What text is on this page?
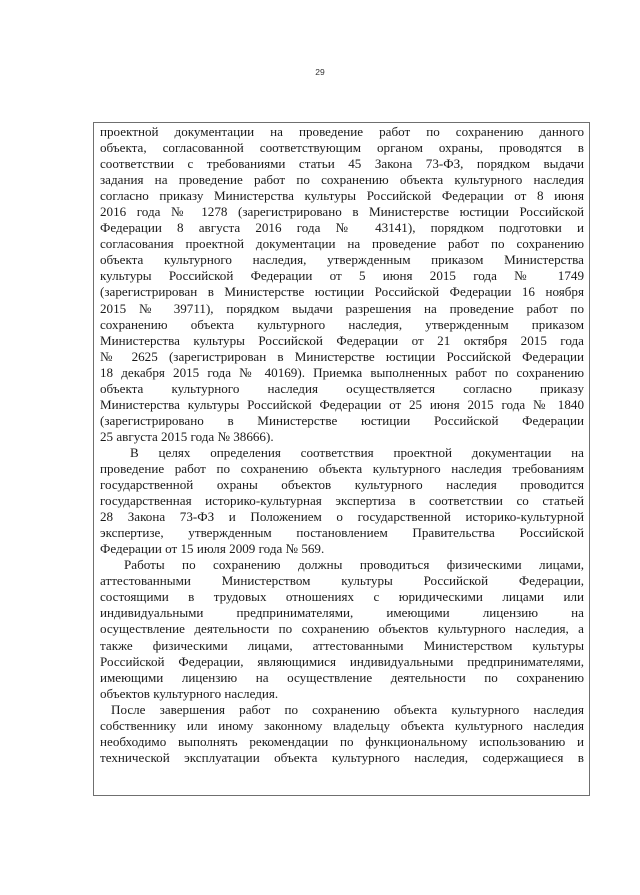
29
проектной документации на проведение работ по сохранению данного
объекта, согласованной соответствующим органом охраны, проводятся в
соответствии с требованиями статьи 45 Закона 73-ФЗ, порядком выдачи
задания на проведение работ по сохранению объекта культурного наследия
согласно приказу Министерства культуры Российской Федерации от 8 июня
2016 года № 1278 (зарегистрировано в Министерстве юстиции Российской
Федерации 8 августа 2016 года № 43141), порядком подготовки и
согласования проектной документации на проведение работ по сохранению
объекта культурного наследия, утвержденным приказом Министерства
культуры Российской Федерации от 5 июня 2015 года № 1749
(зарегистрирован в Министерстве юстиции Российской Федерации 16 ноября
2015 № 39711), порядком выдачи разрешения на проведение работ по
сохранению объекта культурного наследия, утвержденным приказом
Министерства культуры Российской Федерации от 21 октября 2015 года
№ 2625 (зарегистрирован в Министерстве юстиции Российской Федерации
18 декабря 2015 года № 40169). Приемка выполненных работ по сохранению
объекта культурного наследия осуществляется согласно приказу
Министерства культуры Российской Федерации от 25 июня 2015 года № 1840
(зарегистрировано в Министерстве юстиции Российской Федерации
25 августа 2015 года № 38666).
В целях определения соответствия проектной документации на
проведение работ по сохранению объекта культурного наследия требованиям
государственной охраны объектов культурного наследия проводится
государственная историко-культурная экспертиза в соответствии со статьей
28 Закона 73-ФЗ и Положением о государственной историко-культурной
экспертизе, утвержденным постановлением Правительства Российской
Федерации от 15 июля 2009 года № 569.
Работы по сохранению должны проводиться физическими лицами,
аттестованными Министерством культуры Российской Федерации,
состоящими в трудовых отношениях с юридическими лицами или
индивидуальными предпринимателями, имеющими лицензию на
осуществление деятельности по сохранению объектов культурного наследия, а
также физическими лицами, аттестованными Министерством культуры
Российской Федерации, являющимися индивидуальными предпринимателями,
имеющими лицензию на осуществление деятельности по сохранению
объектов культурного наследия.
После завершения работ по сохранению объекта культурного наследия
собственнику или иному законному владельцу объекта культурного наследия
необходимо выполнять рекомендации по функциональному использованию и
технической эксплуатации объекта культурного наследия, содержащиеся в
